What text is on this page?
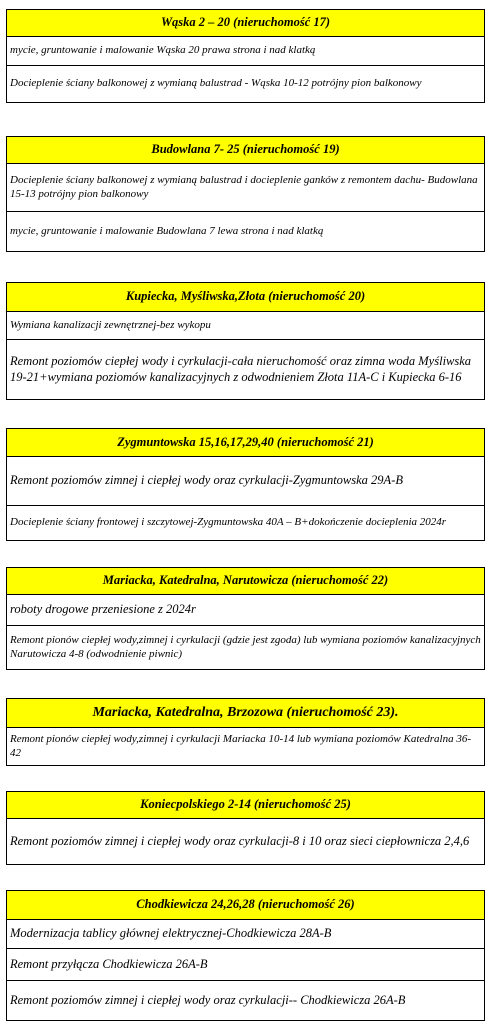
Wąska 2 – 20 (nieruchomość 17)
mycie, gruntowanie i malowanie Wąska 20 prawa strona i nad klatką
Docieplenie ściany balkonowej z wymianą balustrad - Wąska 10-12 potrójny pion balkonowy
Budowlana 7- 25 (nieruchomość 19)
Docieplenie ściany balkonowej z wymianą balustrad i docieplenie ganków z remontem dachu- Budowlana 15-13 potrójny pion balkonowy
mycie, gruntowanie i malowanie Budowlana 7 lewa strona i nad klatką
Kupiecka, Myśliwska,Złota (nieruchomość 20)
Wymiana kanalizacji zewnętrznej-bez wykopu
Remont poziomów ciepłej wody i cyrkulacji-cała nieruchomość oraz zimna woda Myśliwska 19-21+wymiana poziomów kanalizacyjnych z odwodnieniem Złota 11A-C i Kupiecka 6-16
Zygmuntowska 15,16,17,29,40 (nieruchomość 21)
Remont poziomów zimnej i ciepłej wody oraz cyrkulacji-Zygmuntowska 29A-B
Docieplenie ściany frontowej i szczytowej-Zygmuntowska 40A – B+dokończenie docieplenia 2024r
Mariacka, Katedralna, Narutowicza (nieruchomość 22)
roboty drogowe przeniesione z 2024r
Remont pionów ciepłej wody,zimnej i cyrkulacji (gdzie jest zgoda) lub wymiana poziomów kanalizacyjnych Narutowicza 4-8 (odwodnienie piwnic)
Mariacka, Katedralna, Brzozowa (nieruchomość 23).
Remont pionów ciepłej wody,zimnej i cyrkulacji Mariacka 10-14 lub wymiana poziomów Katedralna 36-42
Koniecpolskiego 2-14 (nieruchomość 25)
Remont poziomów zimnej i ciepłej wody oraz cyrkulacji-8 i 10 oraz sieci ciepłownicza 2,4,6
Chodkiewicza 24,26,28 (nieruchomość 26)
Modernizacja tablicy głównej elektrycznej-Chodkiewicza 28A-B
Remont przyłącza Chodkiewicza 26A-B
Remont poziomów zimnej i ciepłej wody oraz cyrkulacji-- Chodkiewicza 26A-B
